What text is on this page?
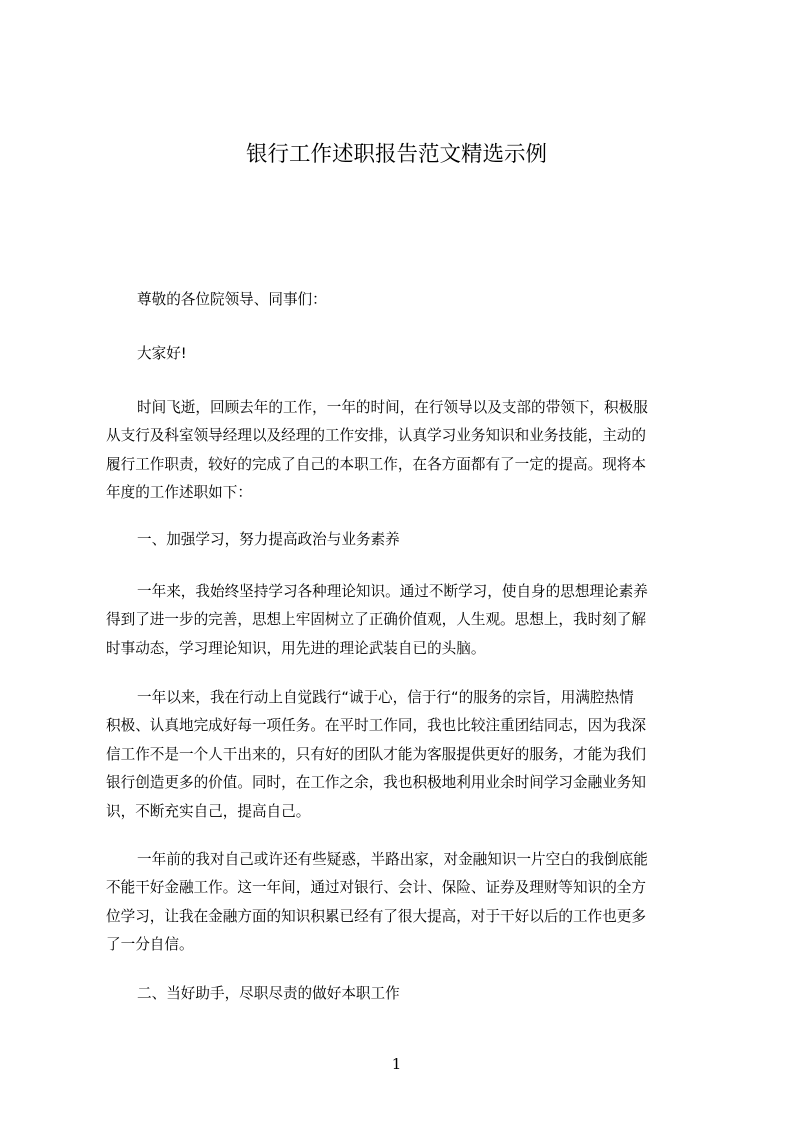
银行工作述职报告范文精选示例

尊敬的各位院领导、同事们：

大家好!

时间飞逝，回顾去年的工作，一年的时间，在行领导以及支部的带领下，积极服
从支行及科室领导经理以及经理的工作安排，认真学习业务知识和业务技能，主动的
履行工作职责，较好的完成了自己的本职工作，在各方面都有了一定的提高。现将本
年度的工作述职如下：

一、加强学习，努力提高政治与业务素养

一年来，我始终坚持学习各种理论知识。通过不断学习，使自身的思想理论素养
得到了进一步的完善，思想上牢固树立了正确价值观，人生观。思想上，我时刻了解
时事动态，学习理论知识，用先进的理论武装自已的头脑。

一年以来，我在行动上自觉践行“诚于心，信于行“的服务的宗旨，用满腔热情
积极、认真地完成好每一项任务。在平时工作同，我也比较注重团结同志，因为我深
信工作不是一个人干出来的，只有好的团队才能为客服提供更好的服务，才能为我们
银行创造更多的价值。同时，在工作之余，我也积极地利用业余时间学习金融业务知
识，不断充实自己，提高自己。

一年前的我对自己或许还有些疑惑，半路出家，对金融知识一片空白的我倒底能
不能干好金融工作。这一年间，通过对银行、会计、保险、证券及理财等知识的全方
位学习，让我在金融方面的知识积累已经有了很大提高，对于干好以后的工作也更多
了一分自信。

二、当好助手，尽职尽责的做好本职工作

1
